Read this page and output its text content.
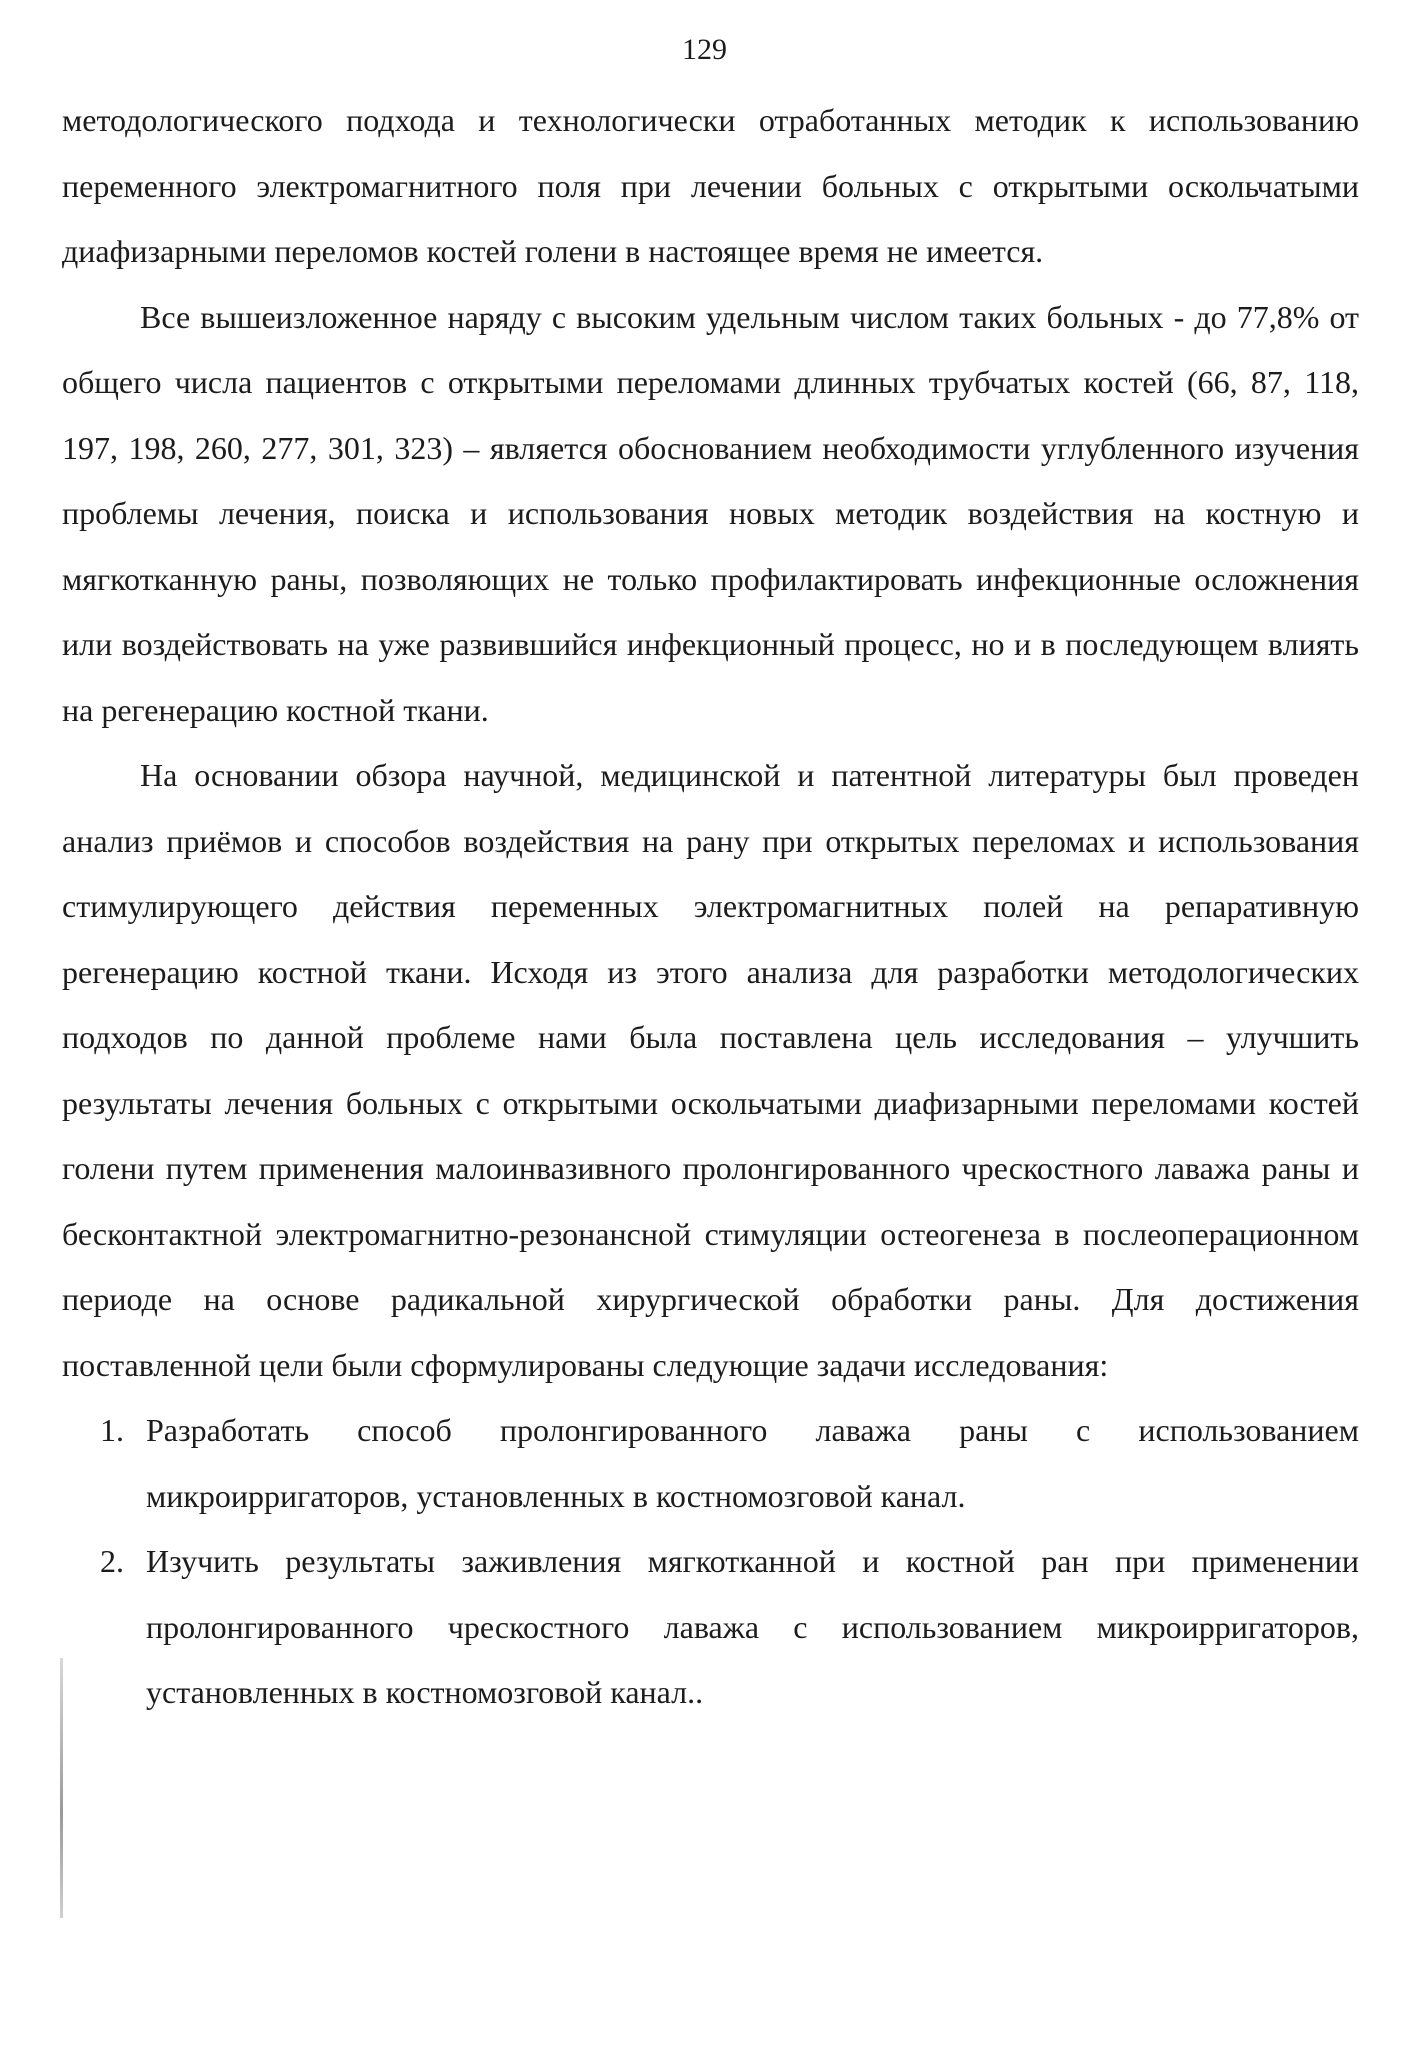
129

методологического подхода и технологически отработанных методик к использованию переменного электромагнитного поля при лечении больных с открытыми оскольчатыми диафизарными переломов костей голени в настоящее время не имеется.

Все вышеизложенное наряду с высоким удельным числом таких больных - до 77,8% от общего числа пациентов с открытыми переломами длинных трубчатых костей (66, 87, 118, 197, 198, 260, 277, 301, 323) – является обоснованием необходимости углубленного изучения проблемы лечения, поиска и использования новых методик воздействия на костную и мягкотканную раны, позволяющих не только профилактировать инфекционные осложнения или воздействовать на уже развившийся инфекционный процесс, но и в последующем влиять на регенерацию костной ткани.

На основании обзора научной, медицинской и патентной литературы был проведен анализ приёмов и способов воздействия на рану при открытых переломах и использования стимулирующего действия переменных электромагнитных полей на репаративную регенерацию костной ткани. Исходя из этого анализа для разработки методологических подходов по данной проблеме нами была поставлена цель исследования – улучшить результаты лечения больных с открытыми оскольчатыми диафизарными переломами костей голени путем применения малоинвазивного пролонгированного чрескостного лаважа раны и бесконтактной электромагнитно-резонансной стимуляции остеогенеза в послеоперационном периоде на основе радикальной хирургической обработки раны. Для достижения поставленной цели были сформулированы следующие задачи исследования:

1. Разработать способ пролонгированного лаважа раны с использованием микроирригаторов, установленных в костномозговой канал.
2. Изучить результаты заживления мягкотканной и костной ран при применении пролонгированного чрескостного лаважа с использованием микроирригаторов, установленных в костномозговой канал..
